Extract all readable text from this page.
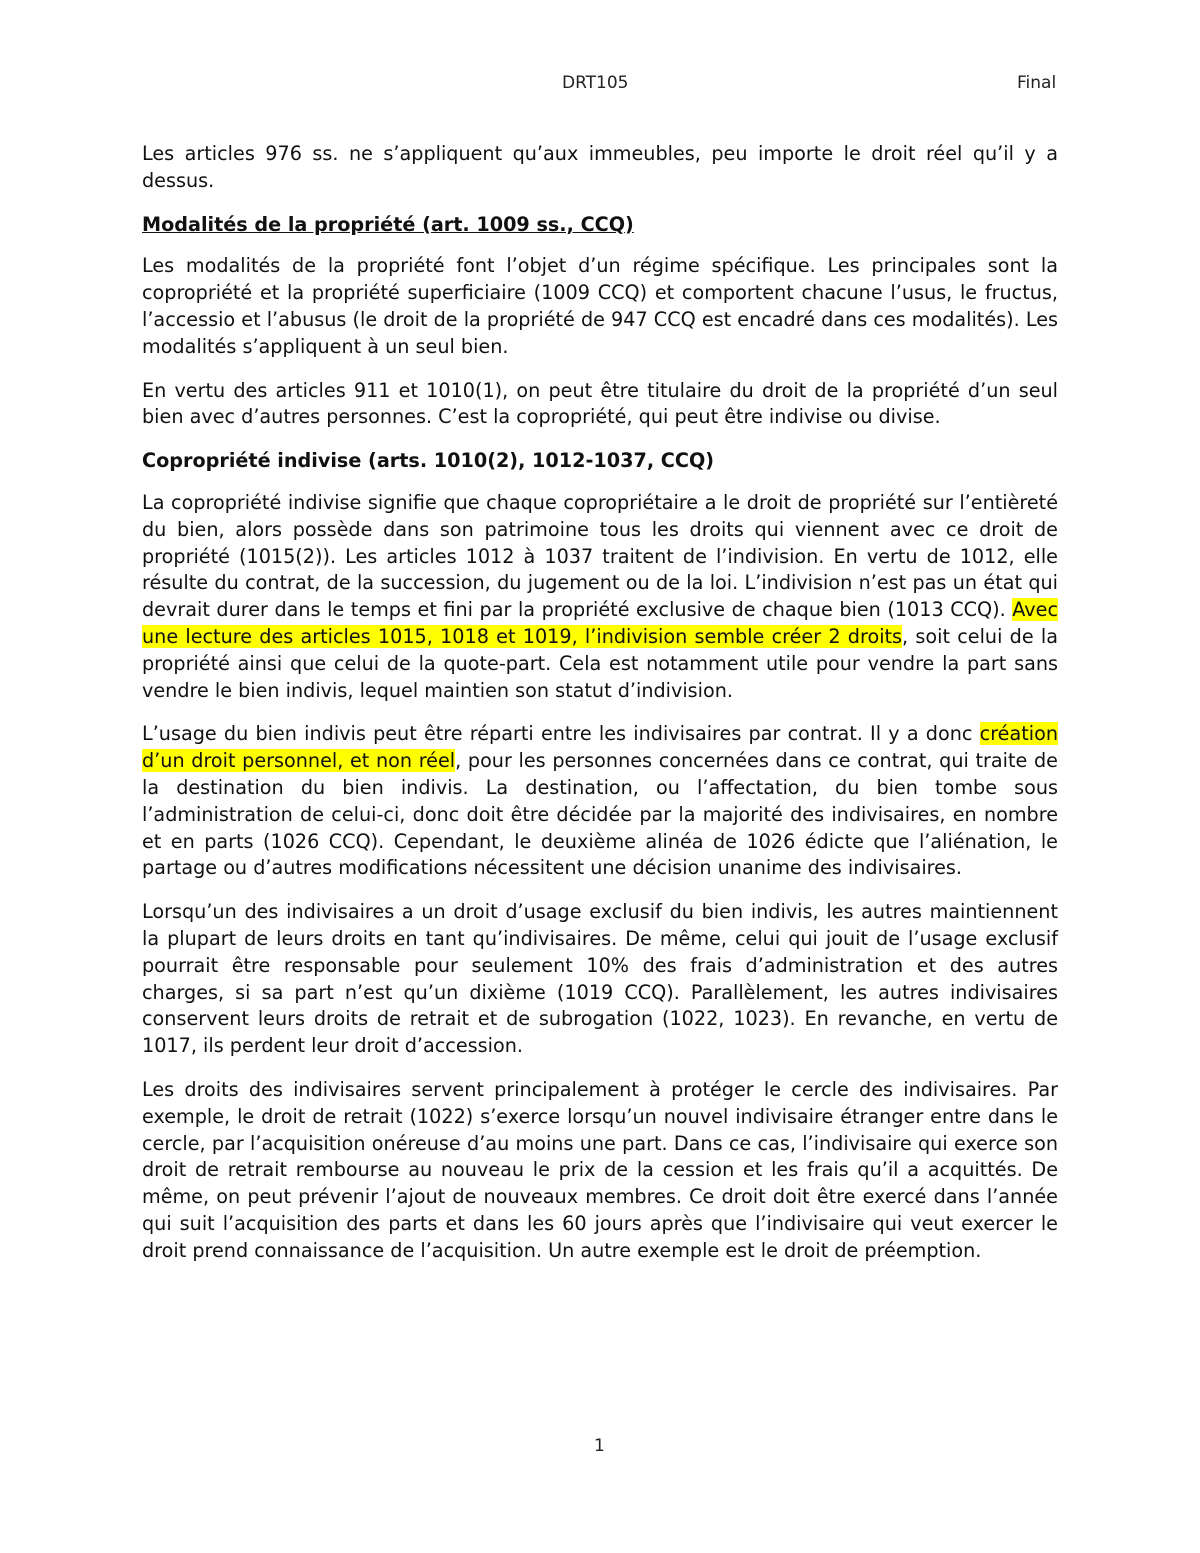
DRT105	Final

Les articles 976 ss. ne s’appliquent qu’aux immeubles, peu importe le droit réel qu’il y a dessus.

Modalités de la propriété (art. 1009 ss., CCQ)

Les modalités de la propriété font l’objet d’un régime spécifique. Les principales sont la copropriété et la propriété superficiaire (1009 CCQ) et comportent chacune l’usus, le fructus, l’accessio et l’abusus (le droit de la propriété de 947 CCQ est encadré dans ces modalités). Les modalités s’appliquent à un seul bien.

En vertu des articles 911 et 1010(1), on peut être titulaire du droit de la propriété d’un seul bien avec d’autres personnes. C’est la copropriété, qui peut être indivise ou divise.

Copropriété indivise (arts. 1010(2), 1012-1037, CCQ)

La copropriété indivise signifie que chaque copropriétaire a le droit de propriété sur l’entièreté du bien, alors possède dans son patrimoine tous les droits qui viennent avec ce droit de propriété (1015(2)). Les articles 1012 à 1037 traitent de l’indivision. En vertu de 1012, elle résulte du contrat, de la succession, du jugement ou de la loi. L’indivision n’est pas un état qui devrait durer dans le temps et fini par la propriété exclusive de chaque bien (1013 CCQ). Avec une lecture des articles 1015, 1018 et 1019, l’indivision semble créer 2 droits, soit celui de la propriété ainsi que celui de la quote-part. Cela est notamment utile pour vendre la part sans vendre le bien indivis, lequel maintien son statut d’indivision.

L’usage du bien indivis peut être réparti entre les indivisaires par contrat. Il y a donc création d’un droit personnel, et non réel, pour les personnes concernées dans ce contrat, qui traite de la destination du bien indivis. La destination, ou l’affectation, du bien tombe sous l’administration de celui-ci, donc doit être décidée par la majorité des indivisaires, en nombre et en parts (1026 CCQ). Cependant, le deuxième alinéa de 1026 édicte que l’aliénation, le partage ou d’autres modifications nécessitent une décision unanime des indivisaires.

Lorsqu’un des indivisaires a un droit d’usage exclusif du bien indivis, les autres maintiennent la plupart de leurs droits en tant qu’indivisaires. De même, celui qui jouit de l’usage exclusif pourrait être responsable pour seulement 10% des frais d’administration et des autres charges, si sa part n’est qu’un dixième (1019 CCQ). Parallèlement, les autres indivisaires conservent leurs droits de retrait et de subrogation (1022, 1023). En revanche, en vertu de 1017, ils perdent leur droit d’accession.

Les droits des indivisaires servent principalement à protéger le cercle des indivisaires. Par exemple, le droit de retrait (1022) s’exerce lorsqu’un nouvel indivisaire étranger entre dans le cercle, par l’acquisition onéreuse d’au moins une part. Dans ce cas, l’indivisaire qui exerce son droit de retrait rembourse au nouveau le prix de la cession et les frais qu’il a acquittés. De même, on peut prévenir l’ajout de nouveaux membres. Ce droit doit être exercé dans l’année qui suit l’acquisition des parts et dans les 60 jours après que l’indivisaire qui veut exercer le droit prend connaissance de l’acquisition. Un autre exemple est le droit de préemption.

1
